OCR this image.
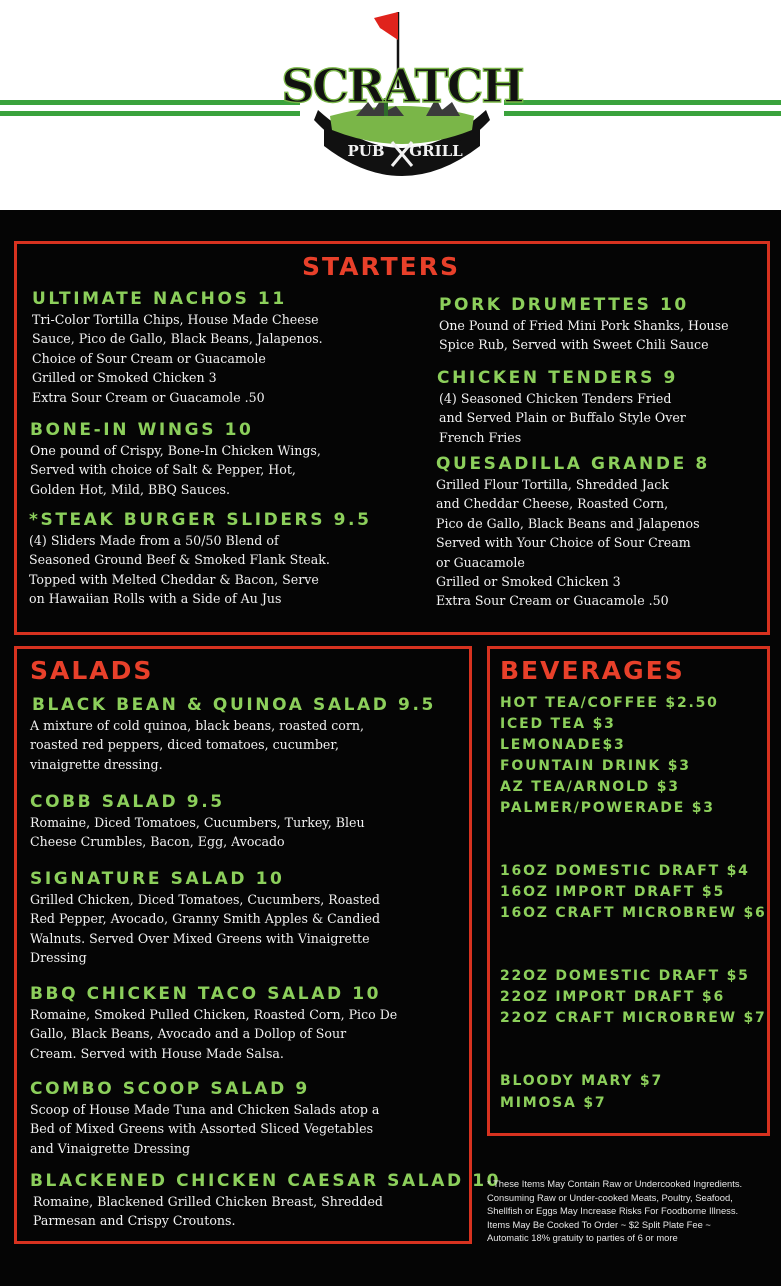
SCRATCH
PUB GRILL
STARTERS
ULTIMATE NACHOS 11
Tri-Color Tortilla Chips, House Made Cheese
Sauce, Pico de Gallo, Black Beans, Jalapenos.
Choice of Sour Cream or Guacamole
Grilled or Smoked Chicken 3
Extra Sour Cream or Guacamole .50
BONE-IN WINGS 10
One pound of Crispy, Bone-In Chicken Wings,
Served with choice of Salt & Pepper, Hot,
Golden Hot, Mild, BBQ Sauces.
*STEAK BURGER SLIDERS 9.5
(4) Sliders Made from a 50/50 Blend of
Seasoned Ground Beef & Smoked Flank Steak.
Topped with Melted Cheddar & Bacon, Serve
on Hawaiian Rolls with a Side of Au Jus
PORK DRUMETTES 10
One Pound of Fried Mini Pork Shanks, House
Spice Rub, Served with Sweet Chili Sauce
CHICKEN TENDERS 9
(4) Seasoned Chicken Tenders Fried
and Served Plain or Buffalo Style Over
French Fries
QUESADILLA GRANDE 8
Grilled Flour Tortilla, Shredded Jack
and Cheddar Cheese, Roasted Corn,
Pico de Gallo, Black Beans and Jalapenos
Served with Your Choice of Sour Cream
or Guacamole
Grilled or Smoked Chicken 3
Extra Sour Cream or Guacamole .50
SALADS
BLACK BEAN & QUINOA SALAD 9.5
A mixture of cold quinoa, black beans, roasted corn,
roasted red peppers, diced tomatoes, cucumber,
vinaigrette dressing.
COBB SALAD 9.5
Romaine, Diced Tomatoes, Cucumbers, Turkey, Bleu
Cheese Crumbles, Bacon, Egg, Avocado
SIGNATURE SALAD 10
Grilled Chicken, Diced Tomatoes, Cucumbers, Roasted
Red Pepper, Avocado, Granny Smith Apples & Candied
Walnuts. Served Over Mixed Greens with Vinaigrette
Dressing
BBQ CHICKEN TACO SALAD 10
Romaine, Smoked Pulled Chicken, Roasted Corn, Pico De
Gallo, Black Beans, Avocado and a Dollop of Sour
Cream. Served with House Made Salsa.
COMBO SCOOP SALAD 9
Scoop of House Made Tuna and Chicken Salads atop a
Bed of Mixed Greens with Assorted Sliced Vegetables
and Vinaigrette Dressing
BLACKENED CHICKEN CAESAR SALAD 10
Romaine, Blackened Grilled Chicken Breast, Shredded
Parmesan and Crispy Croutons.
BEVERAGES
HOT TEA/COFFEE $2.50
ICED TEA $3
LEMONADE$3
FOUNTAIN DRINK $3
AZ TEA/ARNOLD $3
PALMER/POWERADE $3
16OZ DOMESTIC DRAFT $4
16OZ IMPORT DRAFT $5
16OZ CRAFT MICROBREW $6
22OZ DOMESTIC DRAFT $5
22OZ IMPORT DRAFT $6
22OZ CRAFT MICROBREW $7
BLOODY MARY $7
MIMOSA $7
* These Items May Contain Raw or Undercooked Ingredients.
Consuming Raw or Under-cooked Meats, Poultry, Seafood,
Shellfish or Eggs May Increase Risks For Foodborne Illness.
Items May Be Cooked To Order ~ $2 Split Plate Fee ~
Automatic 18% gratuity to parties of 6 or more
